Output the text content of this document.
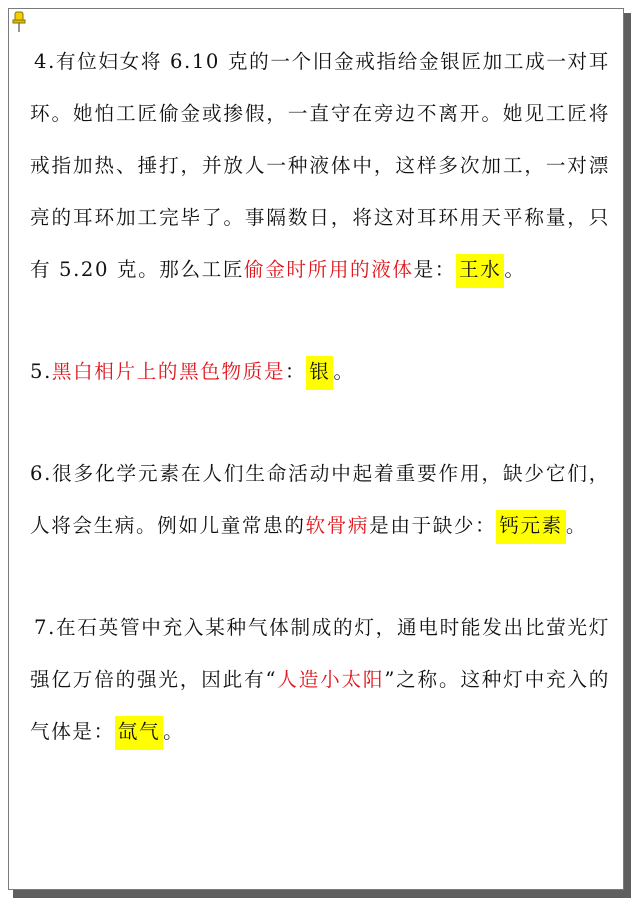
4.有位妇女将 6.10 克的一个旧金戒指给金银匠加工成一对耳环。她怕工匠偷金或掺假，一直守在旁边不离开。她见工匠将戒指加热、捶打，并放人一种液体中，这样多次加工，一对漂亮的耳环加工完毕了。事隔数日，将这对耳环用天平称量，只有 5.20 克。那么工匠偷金时所用的液体是： 王水 。

5.黑白相片上的黑色物质是： 银 。

6.很多化学元素在人们生命活动中起着重要作用，缺少它们，人将会生病。例如儿童常患的软骨病是由于缺少： 钙元素 。

7.在石英管中充入某种气体制成的灯，通电时能发出比萤光灯强亿万倍的强光，因此有“人造小太阳”之称。这种灯中充入的气体是： 氙气 。
